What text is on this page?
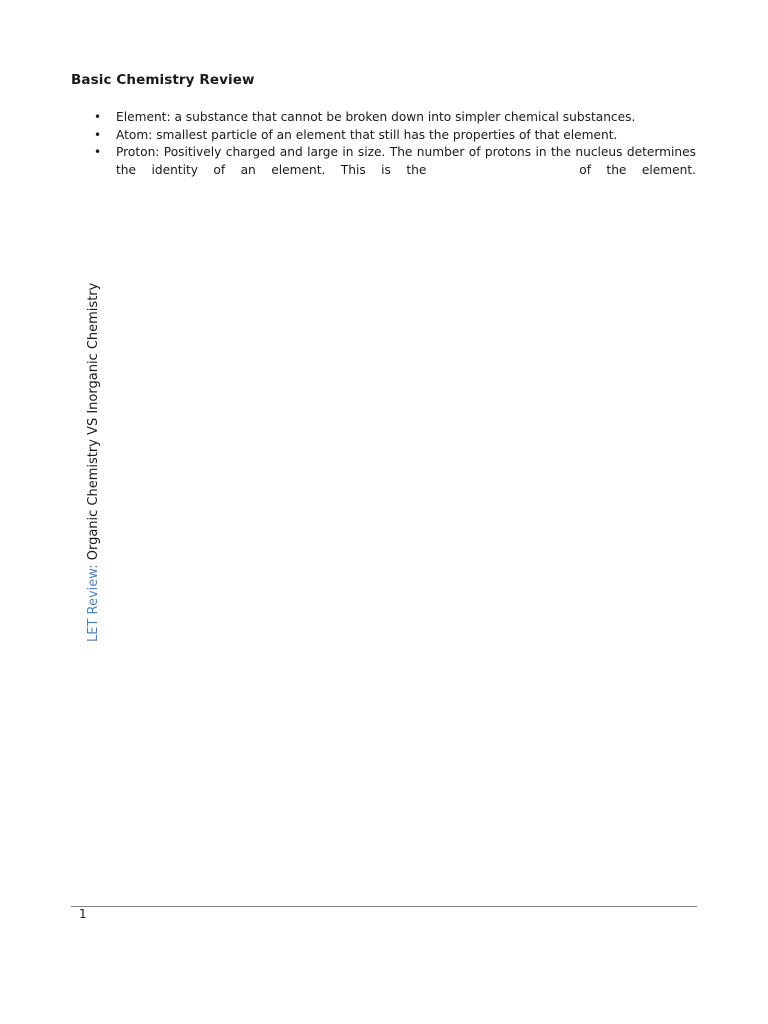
Basic Chemistry Review
• Element: a substance that cannot be broken down into simpler chemical substances.
• Atom: smallest particle of an element that still has the properties of that element.
• Proton: Positively charged and large in size. The number of protons in the nucleus determines the identity of an element. This is the	of the element.
LET Review: Organic Chemistry VS Inorganic Chemistry
1
